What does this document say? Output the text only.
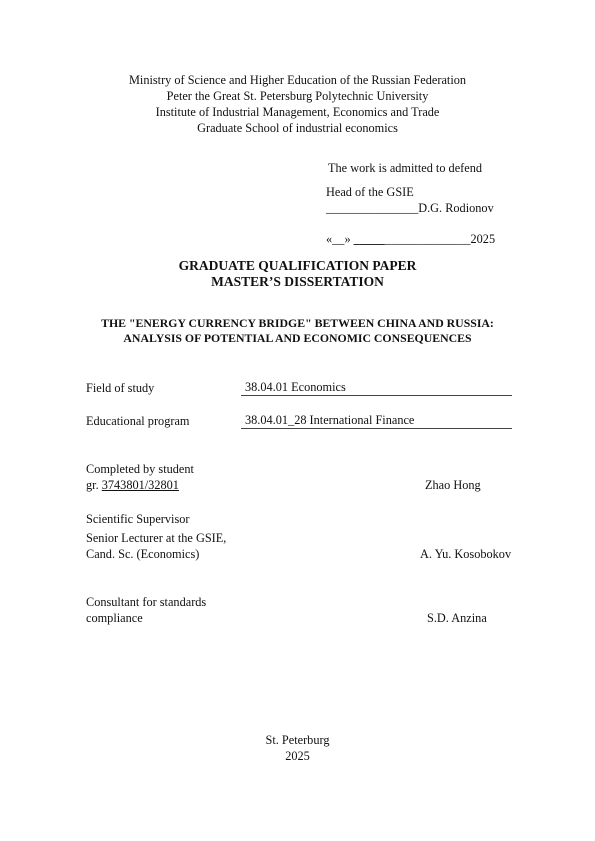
Ministry of Science and Higher Education of the Russian Federation
Peter the Great St. Petersburg Polytechnic University
Institute of Industrial Management, Economics and Trade
Graduate School of industrial economics
The work is admitted to defend
Head of the GSIE
_______________D.G. Rodionov
«__» ___________________2025
GRADUATE QUALIFICATION PAPER
MASTER’S DISSERTATION
THE "ENERGY CURRENCY BRIDGE" BETWEEN CHINA AND RUSSIA:
ANALYSIS OF POTENTIAL AND ECONOMIC CONSEQUENCES
Field of study	38.04.01 Economics
Educational program	38.04.01_28 International Finance
Completed by student
gr. 3743801/32801	Zhao Hong
Scientific Supervisor
Senior Lecturer at the GSIE,
Cand. Sc. (Economics)	A. Yu. Kosobokov
Consultant for standards
compliance	S.D. Anzina
St. Peterburg
2025
